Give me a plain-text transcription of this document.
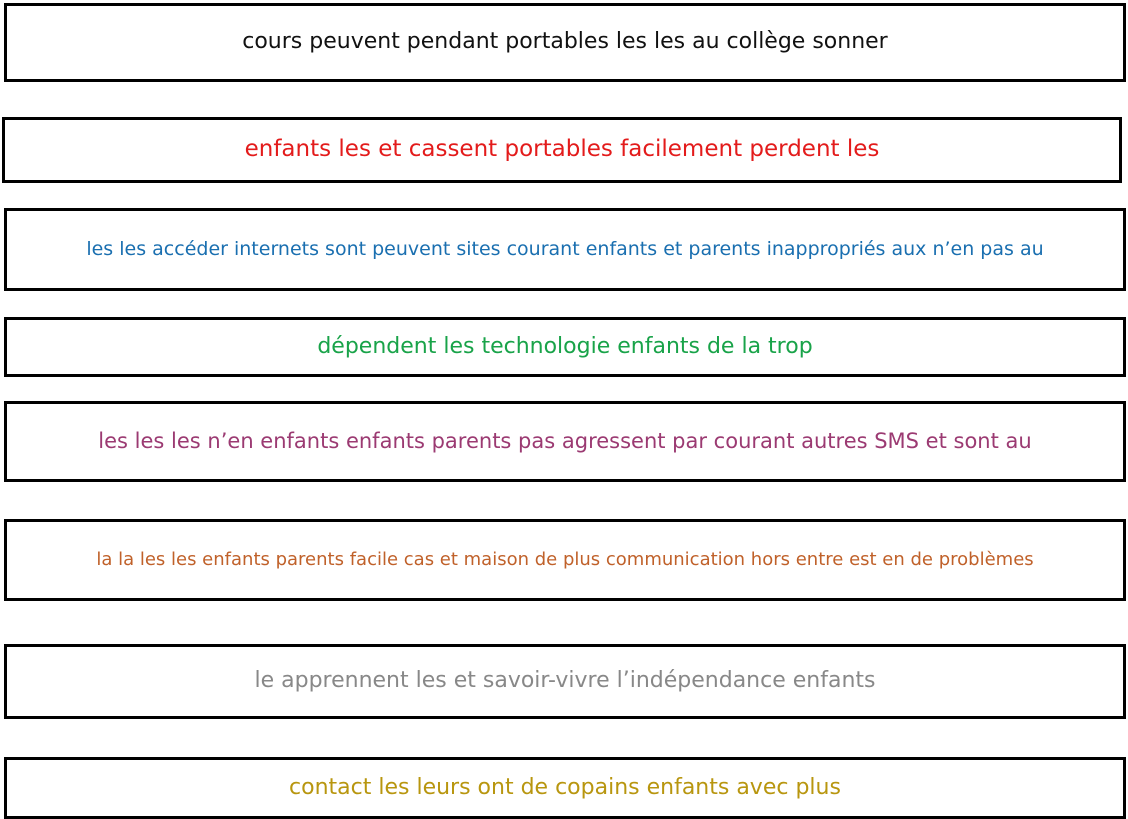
cours peuvent pendant portables les les au collège sonner
enfants les et cassent portables facilement perdent les
les les accéder internets sont peuvent sites courant enfants et parents inappropriés aux n’en pas au
dépendent les technologie enfants de la trop
les les les n’en enfants enfants parents pas agressent par courant autres SMS et sont au
la la les les enfants parents facile cas et maison de plus communication hors entre est en de problèmes
le apprennent les et savoir-vivre l’indépendance enfants
contact les leurs ont de copains enfants avec plus
